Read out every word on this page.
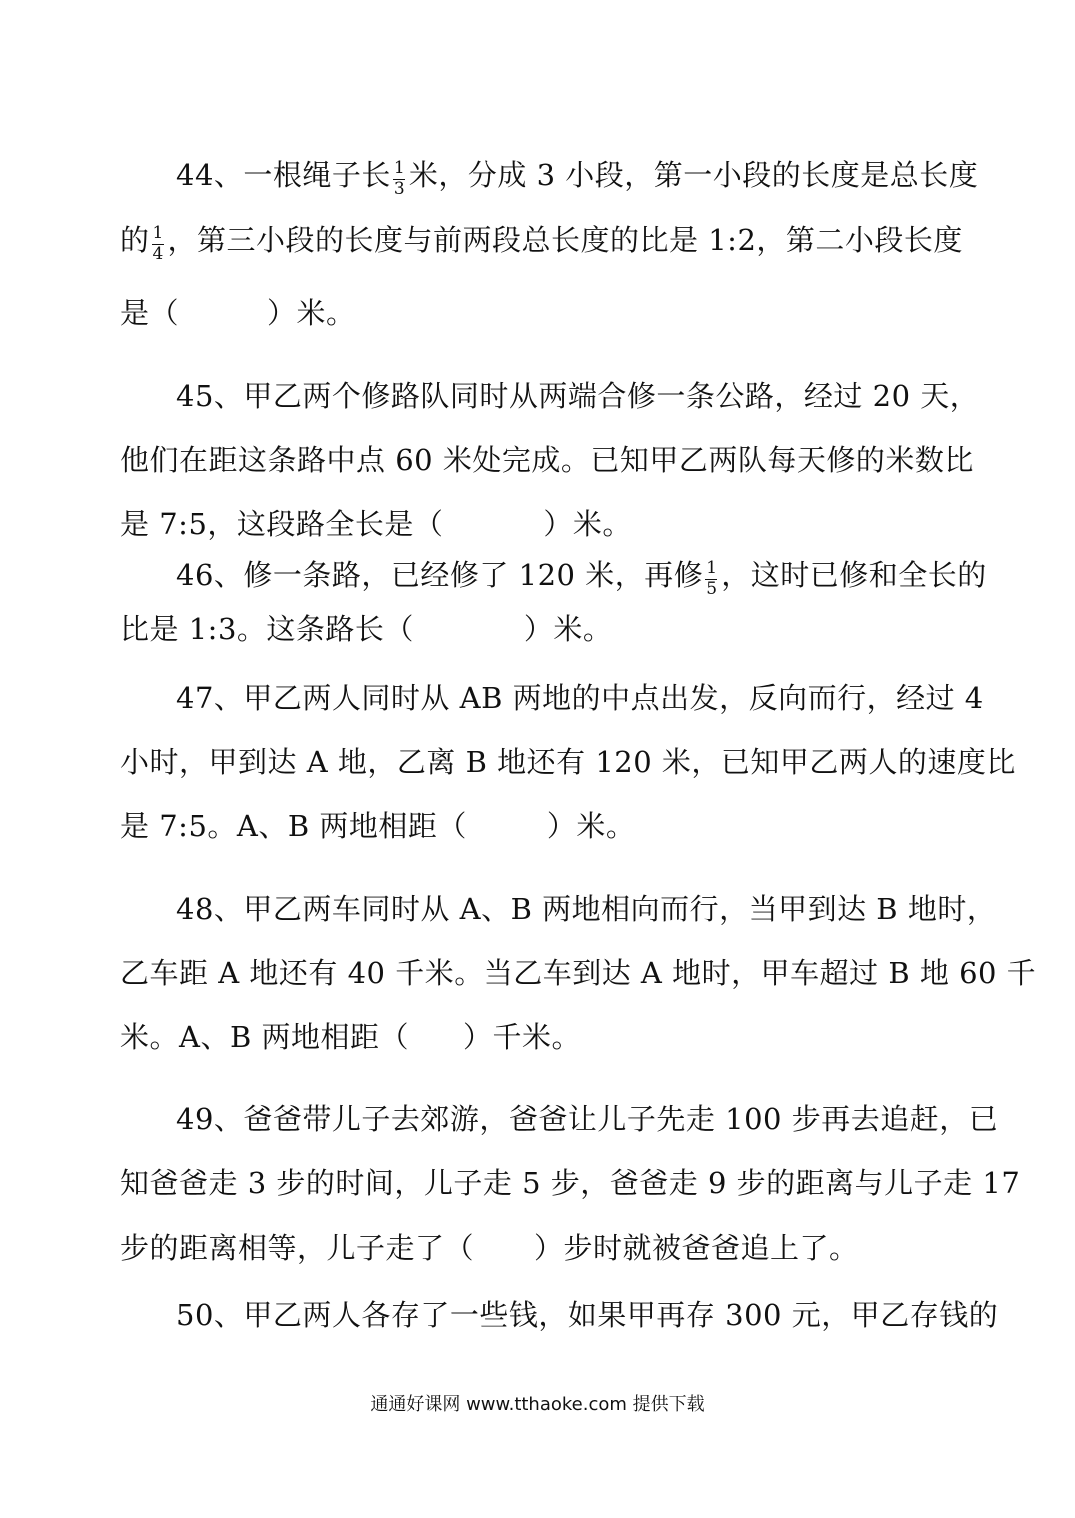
44、一根绳子长 $\frac{1}{3}$ 米，分成 3 小段，第一小段的长度是总长度
的 $\frac{1}{4}$ ，第三小段的长度与前两段总长度的比是 1:2，第二小段长度
是（	）米。
45、甲乙两个修路队同时从两端合修一条公路，经过 20 天，
他们在距这条路中点 60 米处完成。已知甲乙两队每天修的米数比
是 7:5，这段路全长是（	）米。
46、修一条路，已经修了 120 米，再修 $\frac{1}{5}$ ，这时已修和全长的
比是 1:3。这条路长（	）米。
47、甲乙两人同时从 AB 两地的中点出发，反向而行，经过 4
小时，甲到达 A 地，乙离 B 地还有 120 米，已知甲乙两人的速度比
是 7:5。A、B 两地相距（	）米。
48、甲乙两车同时从 A、B 两地相向而行，当甲到达 B 地时，
乙车距 A 地还有 40 千米。当乙车到达 A 地时，甲车超过 B 地 60 千
米。A、B 两地相距（ ）千米。
49、爸爸带儿子去郊游，爸爸让儿子先走 100 步再去追赶，已
知爸爸走 3 步的时间，儿子走 5 步，爸爸走 9 步的距离与儿子走 17
步的距离相等，儿子走了（ ）步时就被爸爸追上了。
50、甲乙两人各存了一些钱，如果甲再存 300 元，甲乙存钱的
通通好课网 www.tthaoke.com 提供下载
